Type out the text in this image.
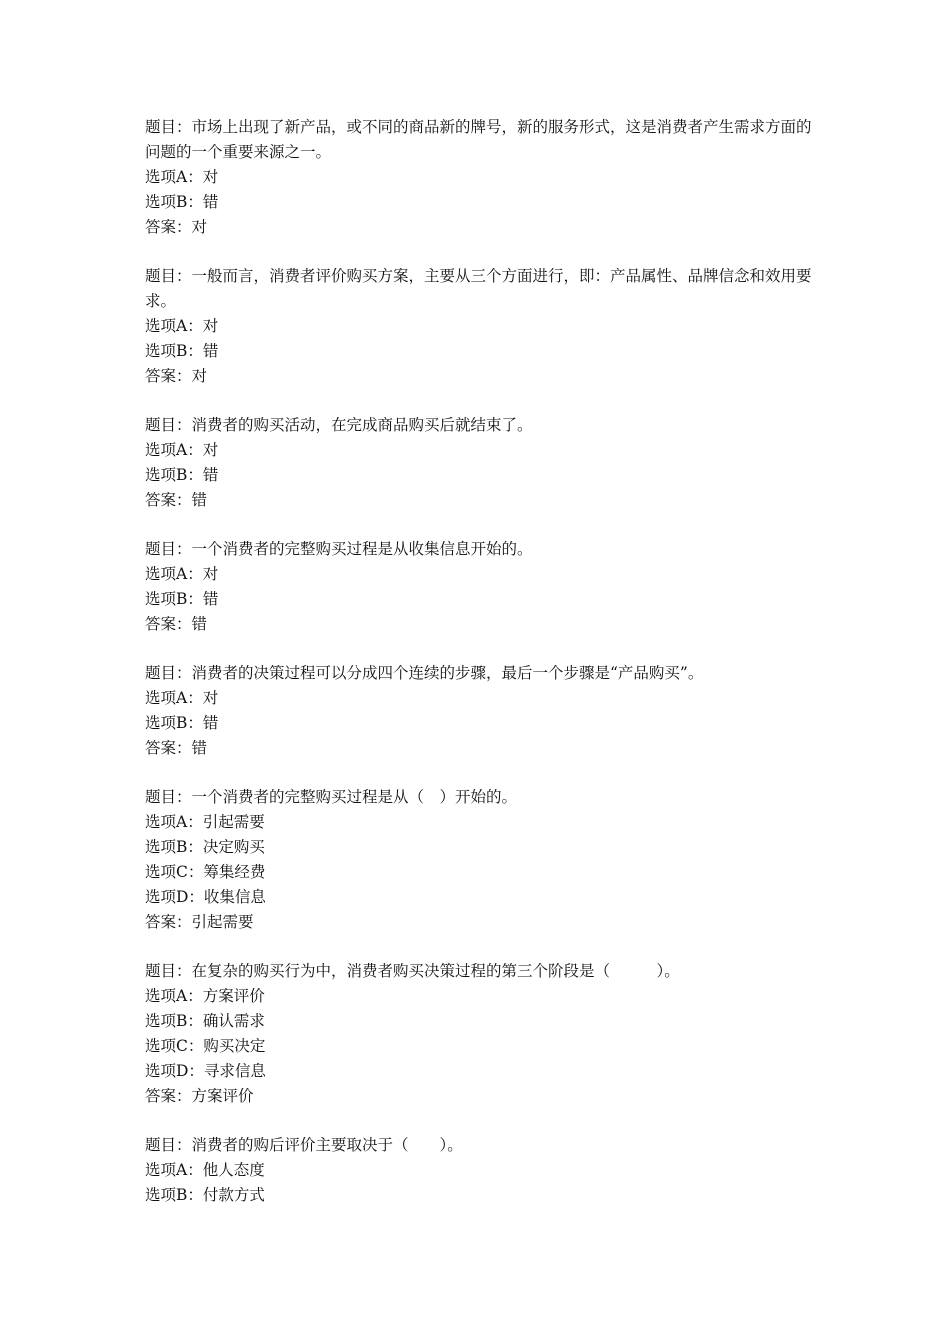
题目：市场上出现了新产品，或不同的商品新的牌号，新的服务形式，这是消费者产生需求方面的问题的一个重要来源之一。
选项A：对
选项B：错
答案：对
题目：一般而言，消费者评价购买方案，主要从三个方面进行，即：产品属性、品牌信念和效用要求。
选项A：对
选项B：错
答案：对
题目：消费者的购买活动，在完成商品购买后就结束了。
选项A：对
选项B：错
答案：错
题目：一个消费者的完整购买过程是从收集信息开始的。
选项A：对
选项B：错
答案：错
题目：消费者的决策过程可以分成四个连续的步骤，最后一个步骤是“产品购买”。
选项A：对
选项B：错
答案：错
题目：一个消费者的完整购买过程是从（　）开始的。
选项A：引起需要
选项B：决定购买
选项C：筹集经费
选项D：收集信息
答案：引起需要
题目：在复杂的购买行为中，消费者购买决策过程的第三个阶段是（　　　）。
选项A：方案评价
选项B：确认需求
选项C：购买决定
选项D：寻求信息
答案：方案评价
题目：消费者的购后评价主要取决于（　　）。
选项A：他人态度
选项B：付款方式
